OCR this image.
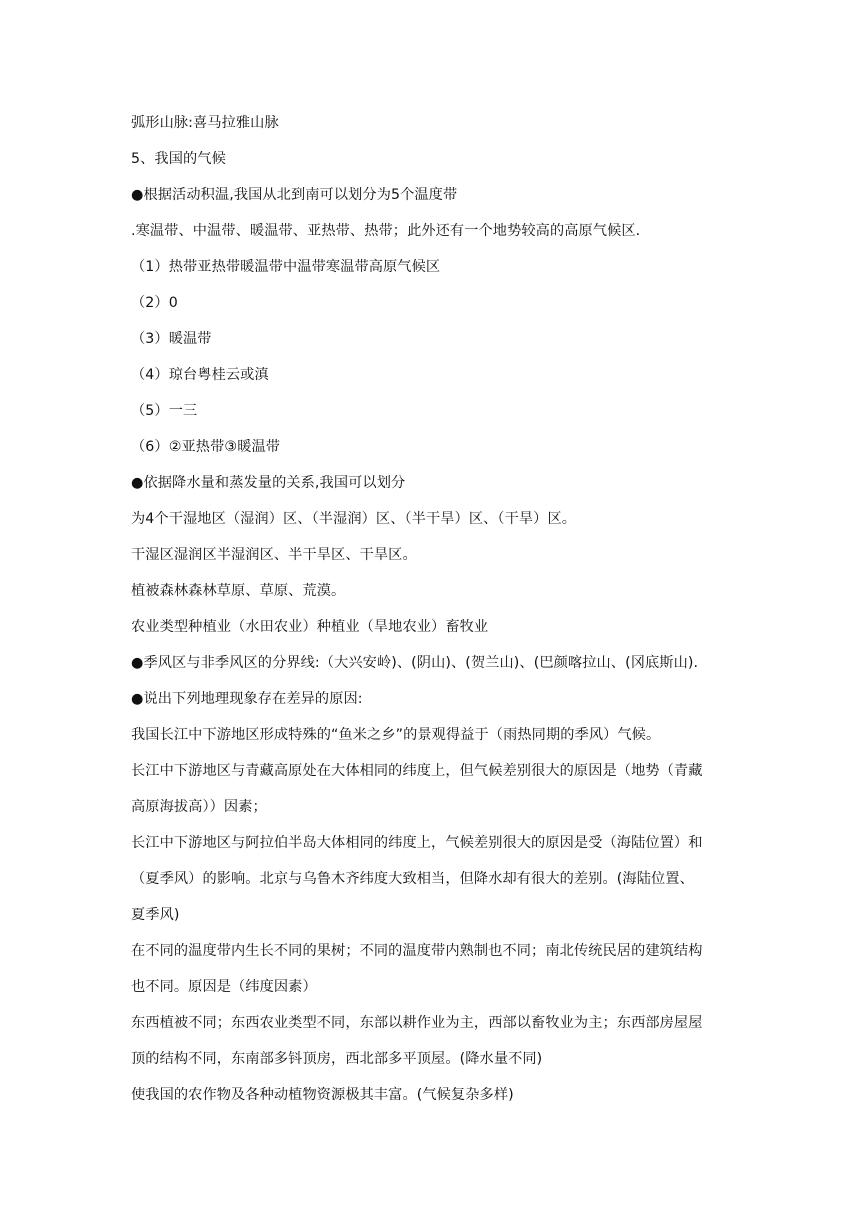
弧形山脉:喜马拉雅山脉
5、我国的气候
●根据活动积温,我国从北到南可以划分为5个温度带
.寒温带、中温带、暖温带、亚热带、热带；此外还有一个地势较高的高原气候区.
（1）热带亚热带暖温带中温带寒温带高原气候区
（2）0
（3）暖温带
（4）琼台粤桂云或滇
（5）一三
（6）②亚热带③暖温带
●依据降水量和蒸发量的关系,我国可以划分
为4个干湿地区（湿润）区、（半湿润）区、（半干旱）区、（干旱）区。
干湿区湿润区半湿润区、半干旱区、干旱区。
植被森林森林草原、草原、荒漠。
农业类型种植业（水田农业）种植业（旱地农业）畜牧业
●季风区与非季风区的分界线:（大兴安岭)、(阴山)、(贺兰山)、(巴颜喀拉山、(冈底斯山).
●说出下列地理现象存在差异的原因:
我国长江中下游地区形成特殊的“鱼米之乡”的景观得益于（雨热同期的季风）气候。
长江中下游地区与青藏高原处在大体相同的纬度上，但气候差别很大的原因是（地势（青藏
高原海拔高））因素；
长江中下游地区与阿拉伯半岛大体相同的纬度上，气候差别很大的原因是受（海陆位置）和
（夏季风）的影响。北京与乌鲁木齐纬度大致相当，但降水却有很大的差别。(海陆位置、
夏季风)
在不同的温度带内生长不同的果树；不同的温度带内熟制也不同；南北传统民居的建筑结构
也不同。原因是（纬度因素）
东西植被不同；东西农业类型不同，东部以耕作业为主，西部以畜牧业为主；东西部房屋屋
顶的结构不同，东南部多钭顶房，西北部多平顶屋。(降水量不同)
使我国的农作物及各种动植物资源极其丰富。(气候复杂多样)
